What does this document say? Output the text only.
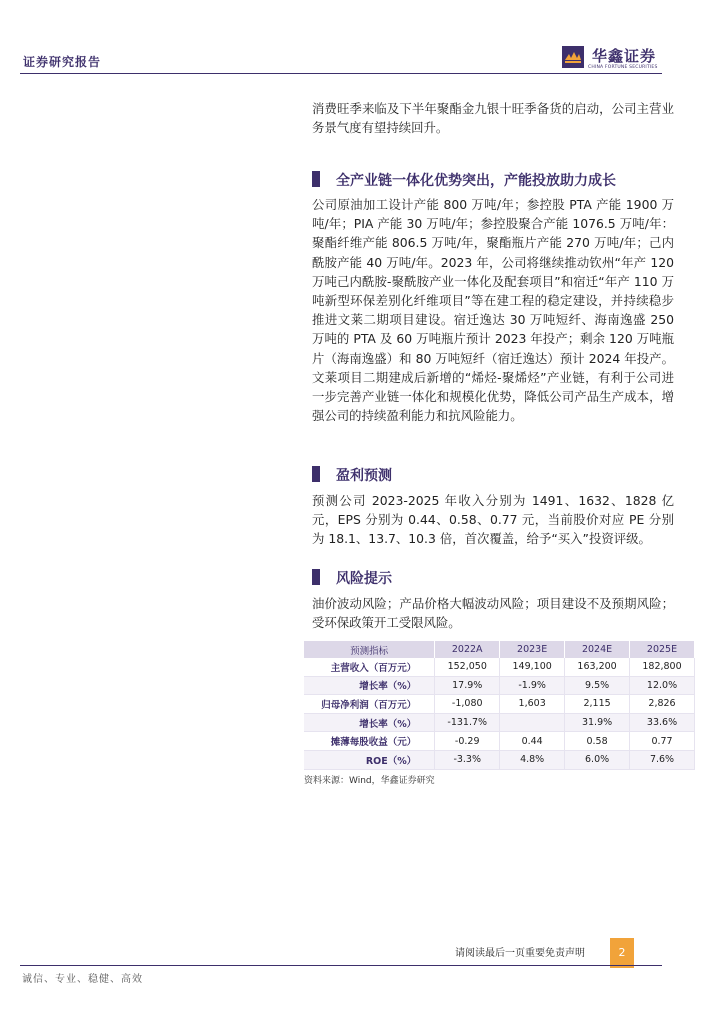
证券研究报告	华鑫证券
CHINA FORTUNE SECURITIES

消费旺季来临及下半年聚酯金九银十旺季备货的启动，公司主营业务景气度有望持续回升。

全产业链一体化优势突出，产能投放助力成长

公司原油加工设计产能 800 万吨/年；参控股 PTA 产能 1900 万吨/年；PIA 产能 30 万吨/年；参控股聚合产能 1076.5 万吨/年：聚酯纤维产能 806.5 万吨/年，聚酯瓶片产能 270 万吨/年；己内酰胺产能 40 万吨/年。2023 年，公司将继续推动钦州“年产 120 万吨己内酰胺-聚酰胺产业一体化及配套项目”和宿迁“年产 110 万吨新型环保差别化纤维项目”等在建工程的稳定建设，并持续稳步推进文莱二期项目建设。宿迁逸达 30 万吨短纤、海南逸盛 250 万吨的 PTA 及 60 万吨瓶片预计 2023 年投产；剩余 120 万吨瓶片（海南逸盛）和 80 万吨短纤（宿迁逸达）预计 2024 年投产。文莱项目二期建成后新增的“烯烃-聚烯烃”产业链，有利于公司进一步完善产业链一体化和规模化优势，降低公司产品生产成本，增强公司的持续盈利能力和抗风险能力。

盈利预测

预测公司 2023-2025 年收入分别为 1491、1632、1828 亿元，EPS 分别为 0.44、0.58、0.77 元，当前股价对应 PE 分别为 18.1、13.7、10.3 倍，首次覆盖，给予“买入”投资评级。

风险提示

油价波动风险；产品价格大幅波动风险；项目建设不及预期风险；受环保政策开工受限风险。

预测指标	2022A	2023E	2024E	2025E
主营收入（百万元）	152,050	149,100	163,200	182,800
增长率（%）	17.9%	-1.9%	9.5%	12.0%
归母净利润（百万元）	-1,080	1,603	2,115	2,826
增长率（%）	-131.7%		31.9%	33.6%
摊薄每股收益（元）	-0.29	0.44	0.58	0.77
ROE（%）	-3.3%	4.8%	6.0%	7.6%
资料来源：Wind，华鑫证券研究
请阅读最后一页重要免责声明	2
诚信、专业、稳健、高效
